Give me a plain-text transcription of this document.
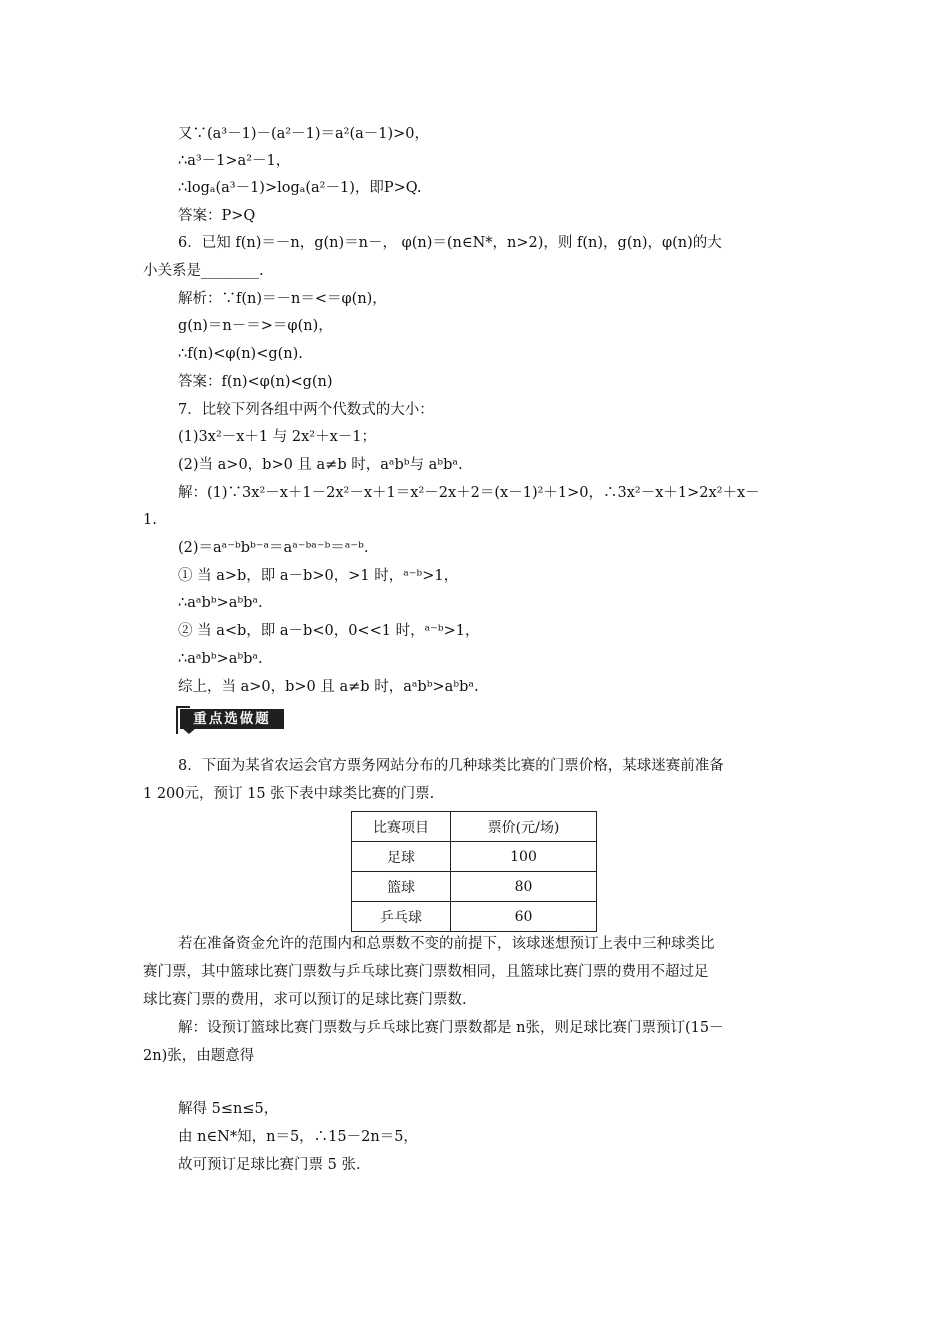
又∵(a³－1)－(a²－1)＝a²(a－1)>0，
∴a³－1>a²－1，
∴logₐ(a³－1)>logₐ(a²－1)，即P>Q.
答案：P>Q
6．已知 f(n)＝－n，g(n)＝n－， φ(n)＝(n∈N*，n>2)，则 f(n)，g(n)，φ(n)的大
小关系是________.
解析：∵f(n)＝－n＝<＝φ(n)，
g(n)＝n－＝>＝φ(n)，
∴f(n)<φ(n)<g(n).
答案：f(n)<φ(n)<g(n)
7．比较下列各组中两个代数式的大小：
(1)3x²－x＋1 与 2x²＋x－1；
(2)当 a>0，b>0 且 a≠b 时，aᵃbᵇ与 aᵇbᵃ.
解：(1)∵3x²－x＋1－2x²－x＋1＝x²－2x＋2＝(x－1)²＋1>0，∴3x²－x＋1>2x²＋x－
1.
(2)＝aᵃ⁻ᵇbᵇ⁻ᵃ＝aᵃ⁻ᵇᵃ⁻ᵇ＝ᵃ⁻ᵇ.
① 当 a>b，即 a－b>0，>1 时，ᵃ⁻ᵇ>1，
∴aᵃbᵇ>aᵇbᵃ.
② 当 a<b，即 a－b<0，0<<1 时，ᵃ⁻ᵇ>1，
∴aᵃbᵇ>aᵇbᵃ.
综上，当 a>0，b>0 且 a≠b 时，aᵃbᵇ>aᵇbᵃ.
重点选做题
8．下面为某省农运会官方票务网站分布的几种球类比赛的门票价格，某球迷赛前准备
1 200元，预订 15 张下表中球类比赛的门票.
比赛项目	票价(元/场)
足球	100
篮球	80
乒乓球	60
若在准备资金允许的范围内和总票数不变的前提下，该球迷想预订上表中三种球类比
赛门票，其中篮球比赛门票数与乒乓球比赛门票数相同，且篮球比赛门票的费用不超过足
球比赛门票的费用，求可以预订的足球比赛门票数.
解：设预订篮球比赛门票数与乒乓球比赛门票数都是 n张，则足球比赛门票预订(15－
2n)张，由题意得
解得 5≤n≤5，
由 n∈N*知，n＝5，∴15－2n＝5，
故可预订足球比赛门票 5 张.
